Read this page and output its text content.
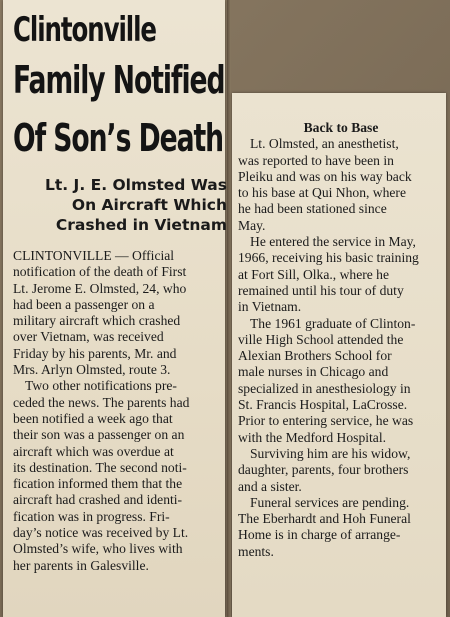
Clintonville
Family Notified
Of Son’s Death
Lt. J. E. Olmsted Was
On Aircraft Which
Crashed in Vietnam
CLINTONVILLE — Official
notification of the death of First
Lt. Jerome E. Olmsted, 24, who
had been a passenger on a
military aircraft which crashed
over Vietnam, was received
Friday by his parents, Mr. and
Mrs. Arlyn Olmsted, route 3.
Two other notifications pre-
ceded the news. The parents had
been notified a week ago that
their son was a passenger on an
aircraft which was overdue at
its destination. The second noti-
fication informed them that the
aircraft had crashed and identi-
fication was in progress. Fri-
day’s notice was received by Lt.
Olmsted’s wife, who lives with
her parents in Galesville.
Back to Base
Lt. Olmsted, an anesthetist,
was reported to have been in
Pleiku and was on his way back
to his base at Qui Nhon, where
he had been stationed since
May.
He entered the service in May,
1966, receiving his basic training
at Fort Sill, Olka., where he
remained until his tour of duty
in Vietnam.
The 1961 graduate of Clinton-
ville High School attended the
Alexian Brothers School for
male nurses in Chicago and
specialized in anesthesiology in
St. Francis Hospital, LaCrosse.
Prior to entering service, he was
with the Medford Hospital.
Surviving him are his widow,
daughter, parents, four brothers
and a sister.
Funeral services are pending.
The Eberhardt and Hoh Funeral
Home is in charge of arrange-
ments.
